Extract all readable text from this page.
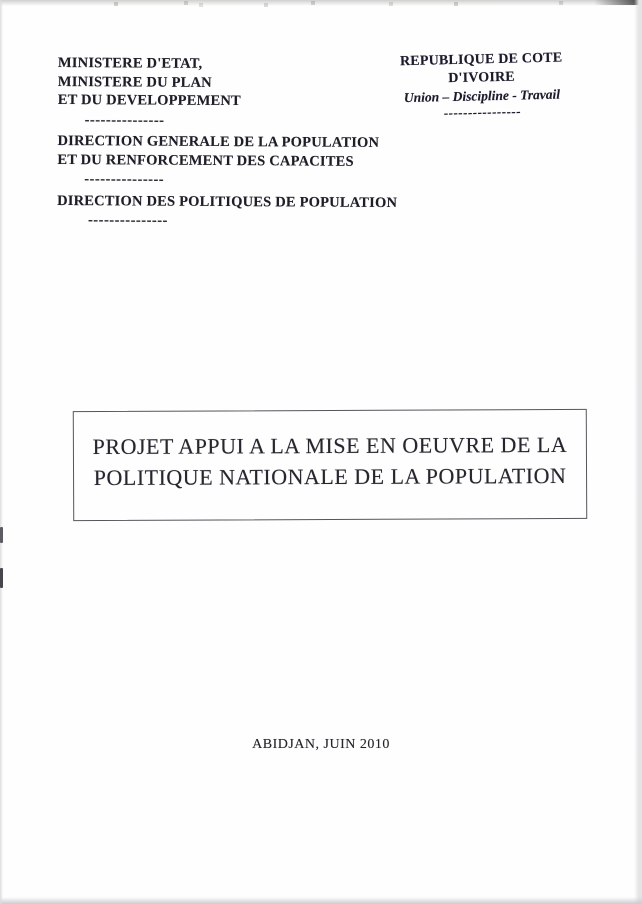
MINISTERE D'ETAT,
MINISTERE DU PLAN
ET DU DEVELOPPEMENT
---------------
DIRECTION GENERALE DE LA POPULATION
ET DU RENFORCEMENT DES CAPACITES
---------------
DIRECTION DES POLITIQUES DE POPULATION
---------------
REPUBLIQUE DE COTE D'IVOIRE
Union – Discipline - Travail
----------------
PROJET APPUI A LA MISE EN OEUVRE DE LA
POLITIQUE NATIONALE DE LA POPULATION
ABIDJAN, JUIN 2010
